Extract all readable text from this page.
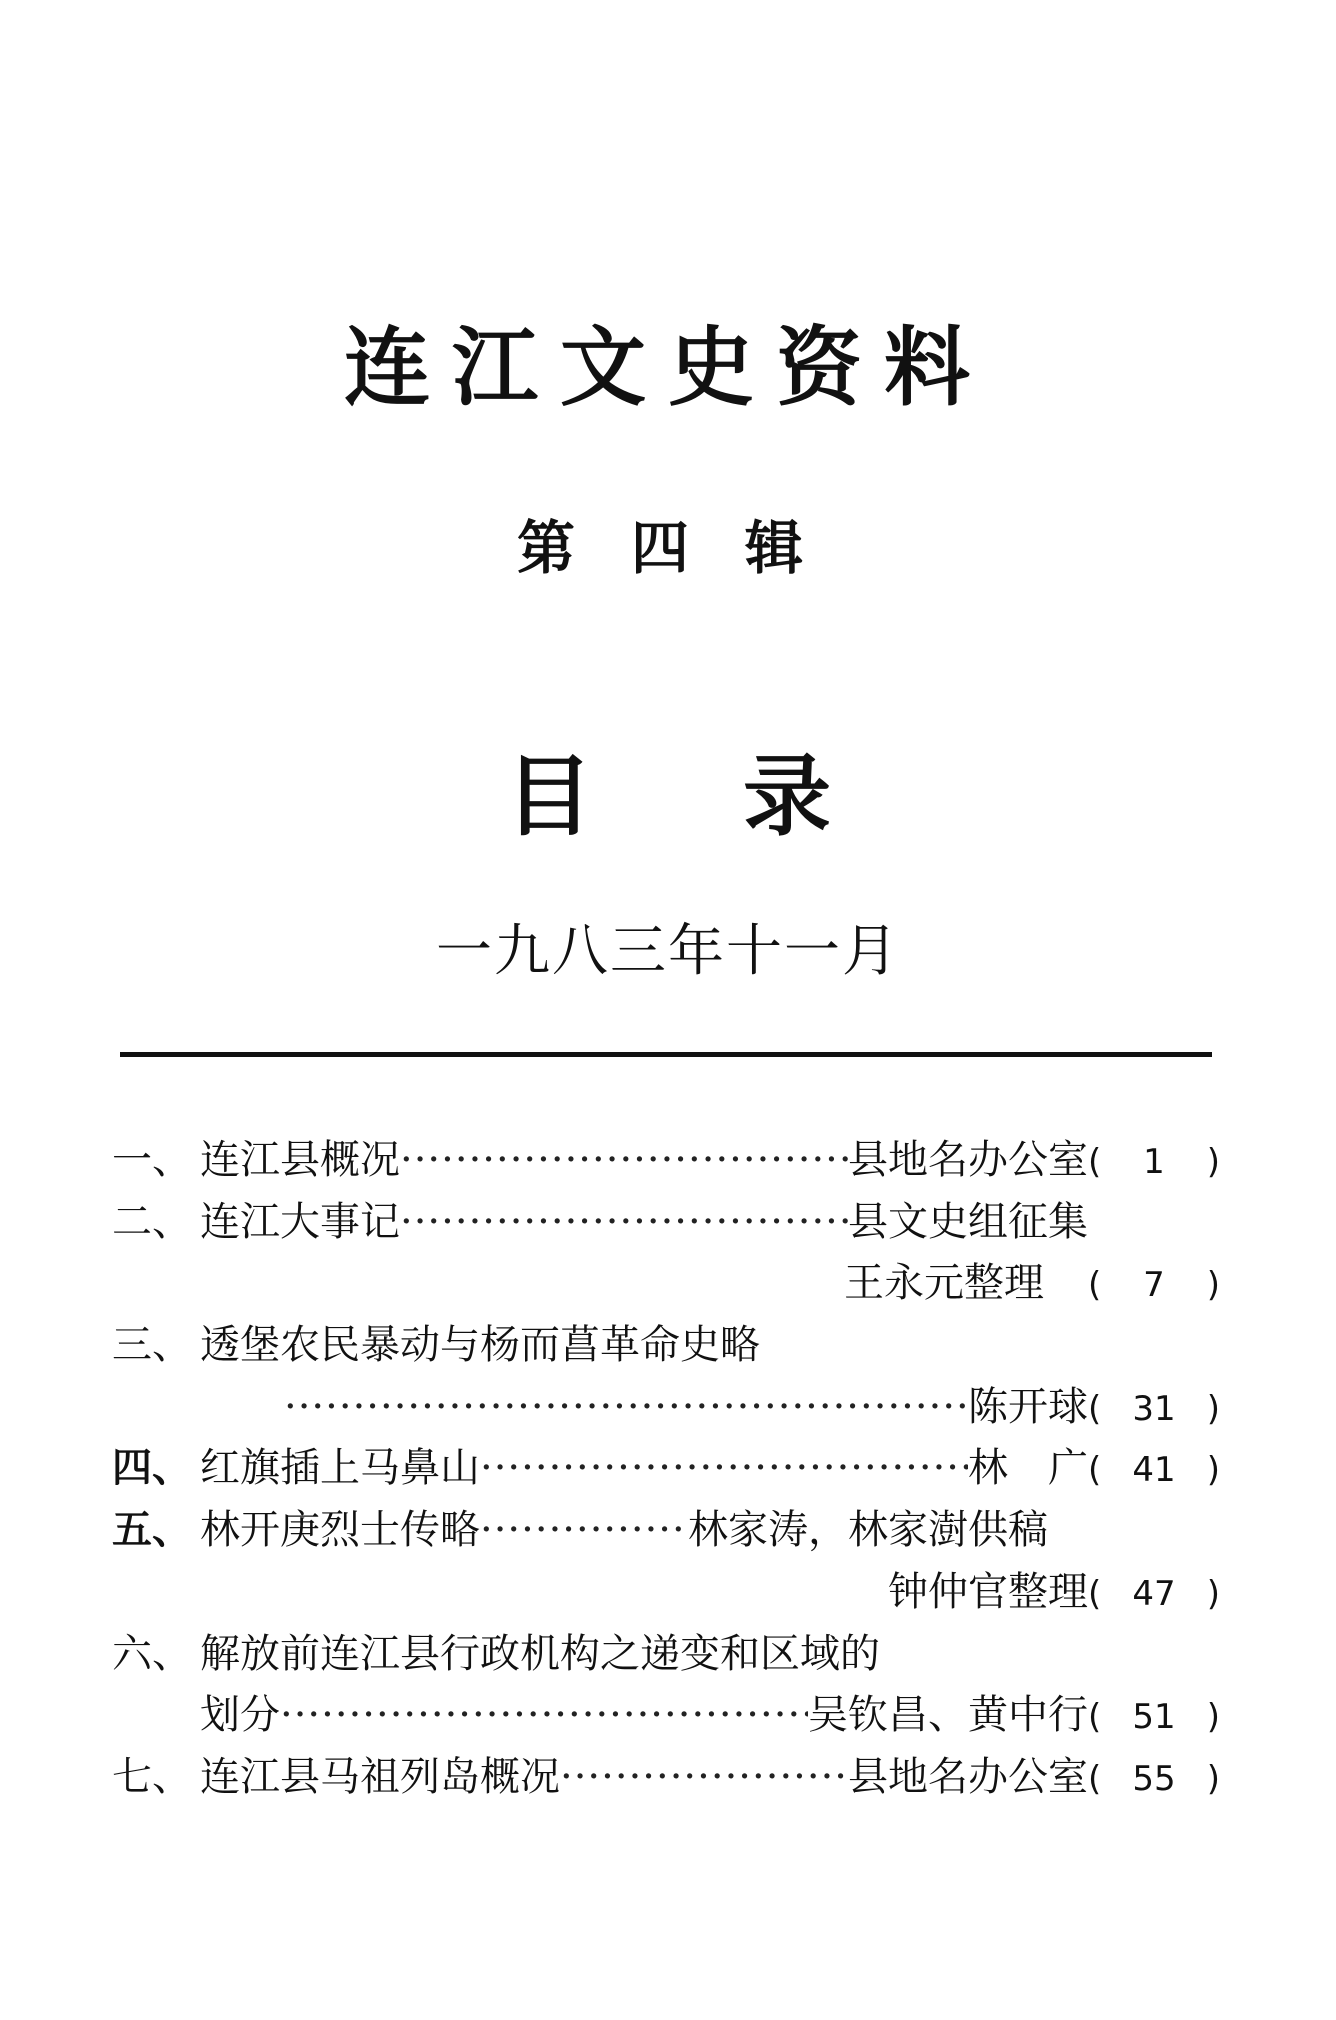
连江文史资料
第四辑
目录
一九八三年十一月
一、 连江县概况 ·····	县地名办公室 (	1	)
二、 连江大事记 ·····	县文史组征集
王永元整理 (	7	)
三、 透堡农民暴动与杨而菖革命史略
·····
陈开球 ( 31 )
四、 红旗插上马鼻山 ·····	林　广 ( 41 )
五、 林开庚烈士传略 ·····	林家涛，林家澍供稿
钟仲官整理 ( 47 )
六、 解放前连江县行政机构之递变和区域的
划分 ·····	吴钦昌、黄中行 ( 51 )
七、 连江县马祖列岛概况 ·····	县地名办公室 ( 55 )
